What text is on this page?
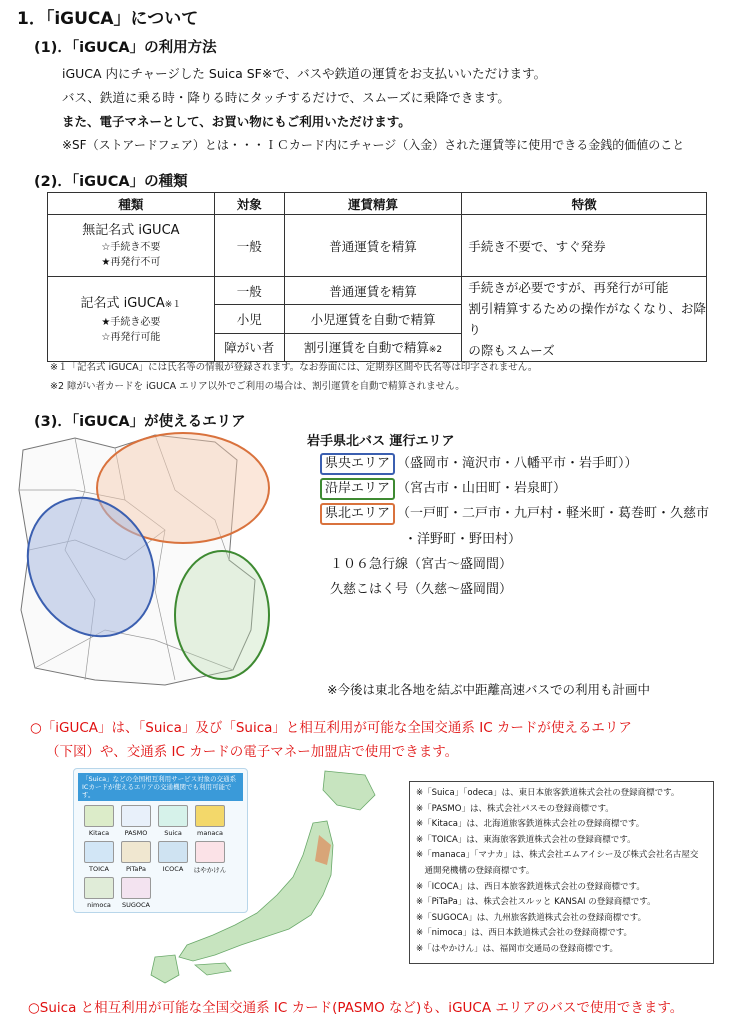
1．「iGUCA」について
(1)．「iGUCA」の利用方法
iGUCA 内にチャージした Suica SF※で、バスや鉄道の運賃をお支払いいただけます。
バス、鉄道に乗る時・降りる時にタッチするだけで、スムーズに乗降できます。
また、電子マネーとして、お買い物にもご利用いただけます。
※SF（ストアードフェア）とは・・・ＩＣカード内にチャージ（入金）された運賃等に使用できる金銭的価値のこと
(2)．「iGUCA」の種類
種類	対象	運賃精算	特徴

無記名式 iGUCA
☆手続き不要
★再発行不可	一般	普通運賃を精算	手続き不要で、すぐ発券

記名式 iGUCA※１
★手続き必要
☆再発行可能	一般	普通運賃を精算	手続きが必要ですが、再発行が可能
割引精算するための操作がなくなり、お降り
の際もスムーズ

	小児	小児運賃を自動で精算	
	障がい者	割引運賃を自動で精算※2	
※１「記名式 iGUCA」には氏名等の情報が登録されます。なお券面には、定期券区間や氏名等は印字されません。
※2 障がい者カードを iGUCA エリア以外でご利用の場合は、割引運賃を自動で精算されません。
(3)．「iGUCA」が使えるエリア
岩手県北バス 運行エリア
県央エリア （盛岡市・滝沢市・八幡平市・岩手町））
沿岸エリア （宮古市・山田町・岩泉町）
県北エリア （一戸町・二戸市・九戸村・軽米町・葛巻町・久慈市
・洋野町・野田村）
１０６急行線（宮古～盛岡間）
久慈こはく号（久慈～盛岡間）
※今後は東北各地を結ぶ中距離高速バスでの利用も計画中
○「iGUCA」は、「Suica」及び「Suica」と相互利用が可能な全国交通系 IC カードが使えるエリア
（下図）や、交通系 IC カードの電子マネー加盟店で使用できます。
「Suica」などの全国相互利用サービス対象の交通系ICカードが使えるエリアの交通機関でも利用可能です。
Kitaca	PASMO	Suica	manaca
TOICA	PiTaPa	ICOCA	はやかけん
nimoca	SUGOCA
※「Suica」「odeca」は、東日本旅客鉄道株式会社の登録商標です。
※「PASMO」は、株式会社パスモの登録商標です。
※「Kitaca」は、北海道旅客鉄道株式会社の登録商標です。
※「TOICA」は、東海旅客鉄道株式会社の登録商標です。
※「manaca」「マナカ」は、株式会社エムアイシー及び株式会社名古屋交
　通開発機構の登録商標です。
※「ICOCA」は、西日本旅客鉄道株式会社の登録商標です。
※「PiTaPa」は、株式会社スルッと KANSAI の登録商標です。
※「SUGOCA」は、九州旅客鉄道株式会社の登録商標です。
※「nimoca」は、西日本鉄道株式会社の登録商標です。
※「はやかけん」は、福岡市交通局の登録商標です。
○Suica と相互利用が可能な全国交通系 IC カード(PASMO など)も、iGUCA エリアのバスで使用できます。
